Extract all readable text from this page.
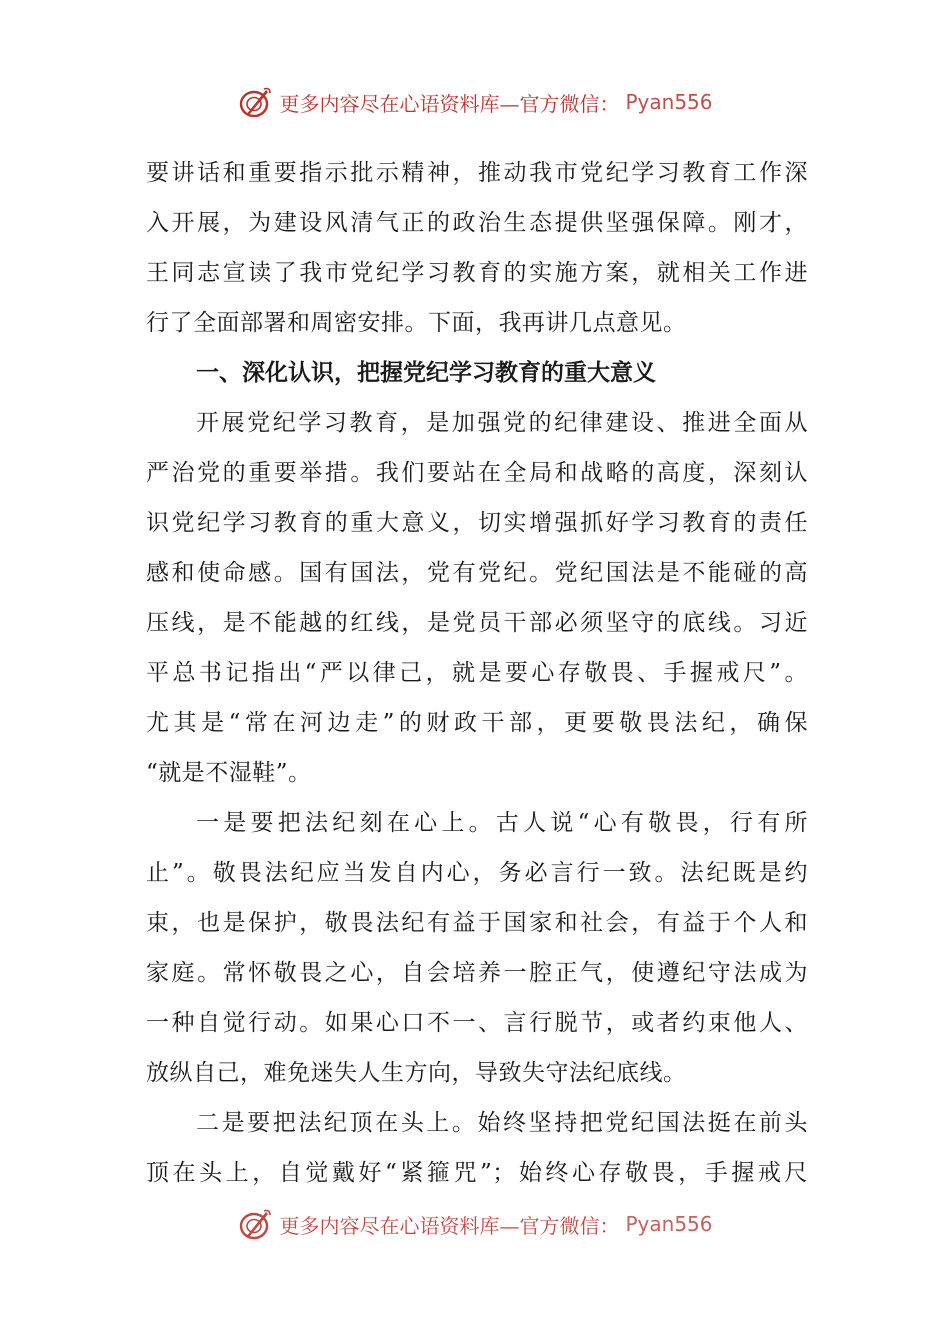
更多内容尽在心语资料库—官方微信： Pyan556
要讲话和重要指示批示精神，推动我市党纪学习教育工作深
入开展，为建设风清气正的政治生态提供坚强保障。刚才，
王同志宣读了我市党纪学习教育的实施方案，就相关工作进
行了全面部署和周密安排。下面，我再讲几点意见。
一、深化认识，把握党纪学习教育的重大意义
开展党纪学习教育，是加强党的纪律建设、推进全面从
严治党的重要举措。我们要站在全局和战略的高度，深刻认
识党纪学习教育的重大意义，切实增强抓好学习教育的责任
感和使命感。国有国法，党有党纪。党纪国法是不能碰的高
压线，是不能越的红线，是党员干部必须坚守的底线。习近
平总书记指出“严以律己，就是要心存敬畏、手握戒尺”。
尤其是“常在河边走”的财政干部，更要敬畏法纪，确保
“就是不湿鞋”。
一是要把法纪刻在心上。古人说“心有敬畏，行有所
止”。敬畏法纪应当发自内心，务必言行一致。法纪既是约
束，也是保护，敬畏法纪有益于国家和社会，有益于个人和
家庭。常怀敬畏之心，自会培养一腔正气，使遵纪守法成为
一种自觉行动。如果心口不一、言行脱节，或者约束他人、
放纵自己，难免迷失人生方向，导致失守法纪底线。
二是要把法纪顶在头上。始终坚持把党纪国法挺在前头
顶在头上，自觉戴好“紧箍咒”；始终心存敬畏，手握戒尺
更多内容尽在心语资料库—官方微信： Pyan556
